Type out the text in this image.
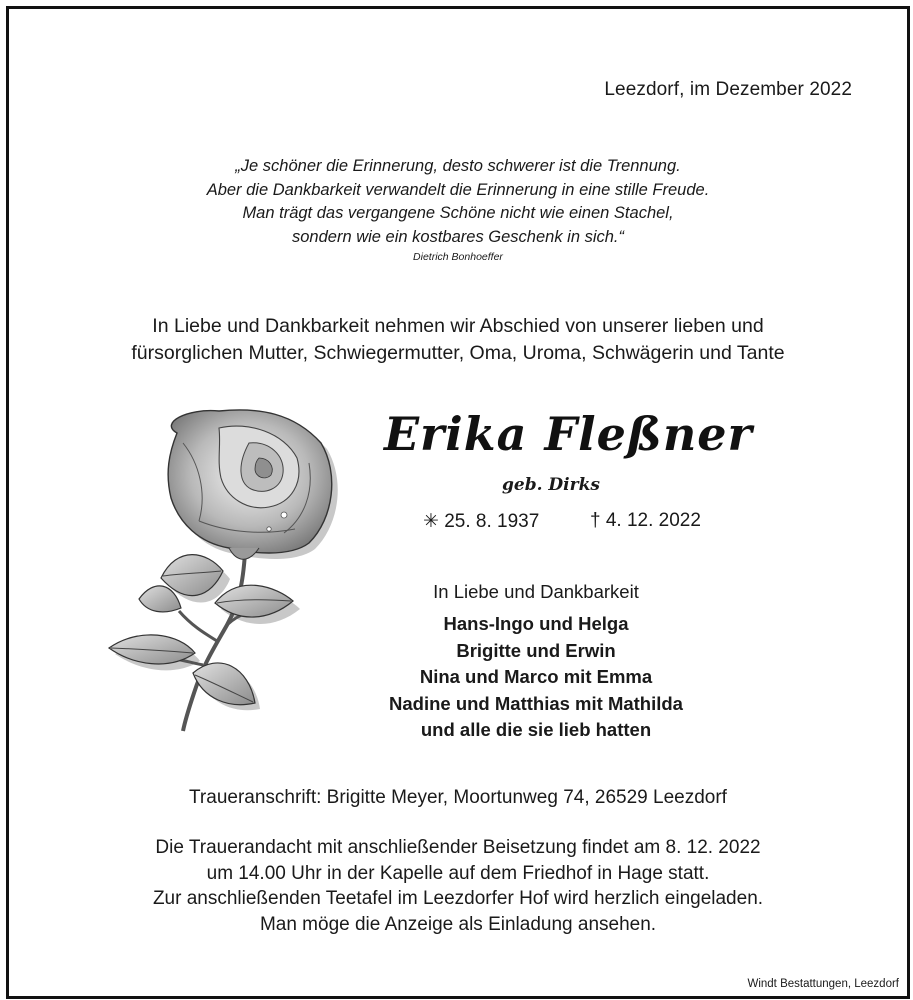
Leezdorf, im Dezember 2022
„Je schöner die Erinnerung, desto schwerer ist die Trennung.
Aber die Dankbarkeit verwandelt die Erinnerung in eine stille Freude.
Man trägt das vergangene Schöne nicht wie einen Stachel,
sondern wie ein kostbares Geschenk in sich.“
Dietrich Bonhoeffer
In Liebe und Dankbarkeit nehmen wir Abschied von unserer lieben und
fürsorglichen Mutter, Schwiegermutter, Oma, Uroma, Schwägerin und Tante
Erika Fleßner
geb. Dirks
✳ 25. 8. 1937	† 4. 12. 2022
In Liebe und Dankbarkeit
Hans-Ingo und Helga
Brigitte und Erwin
Nina und Marco mit Emma
Nadine und Matthias mit Mathilda
und alle die sie lieb hatten
Traueranschrift: Brigitte Meyer, Moortunweg 74, 26529 Leezdorf
Die Trauerandacht mit anschließender Beisetzung findet am 8. 12. 2022
um 14.00 Uhr in der Kapelle auf dem Friedhof in Hage statt.
Zur anschließenden Teetafel im Leezdorfer Hof wird herzlich eingeladen.
Man möge die Anzeige als Einladung ansehen.
Windt Bestattungen, Leezdorf
